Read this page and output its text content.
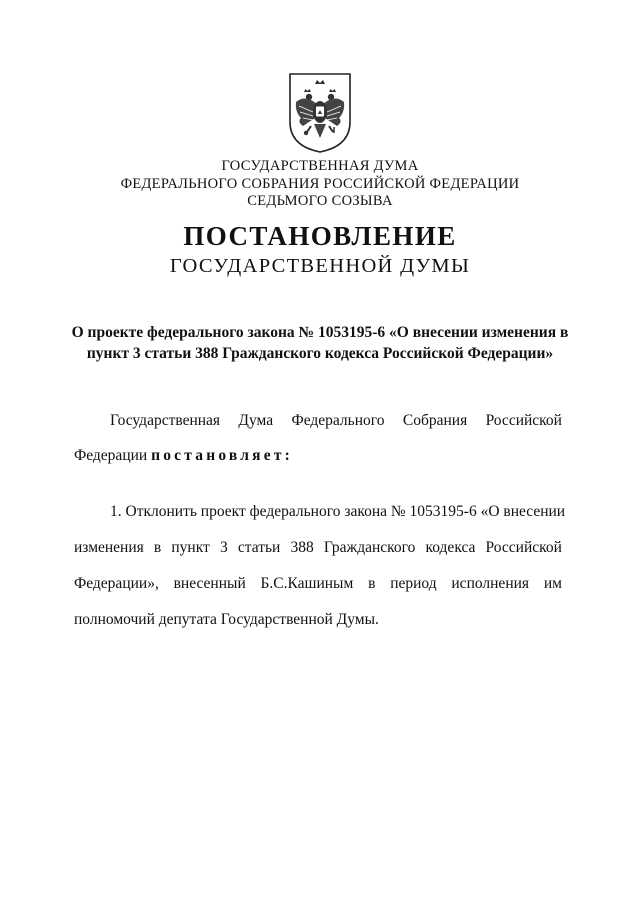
ГОСУДАРСТВЕННАЯ ДУМА
ФЕДЕРАЛЬНОГО СОБРАНИЯ РОССИЙСКОЙ ФЕДЕРАЦИИ
СЕДЬМОГО СОЗЫВА
ПОСТАНОВЛЕНИЕ
ГОСУДАРСТВЕННОЙ ДУМЫ
О проекте федерального закона № 1053195-6 «О внесении изменения в
пункт 3 статьи 388 Гражданского кодекса Российской Федерации»
Государственная Дума Федерального Собрания Российской
Федерации постановляет:
1. Отклонить проект федерального закона № 1053195-6 «О внесении
изменения в пункт 3 статьи 388 Гражданского кодекса Российской
Федерации», внесенный Б.С.Кашиным в период исполнения им
полномочий депутата Государственной Думы.
